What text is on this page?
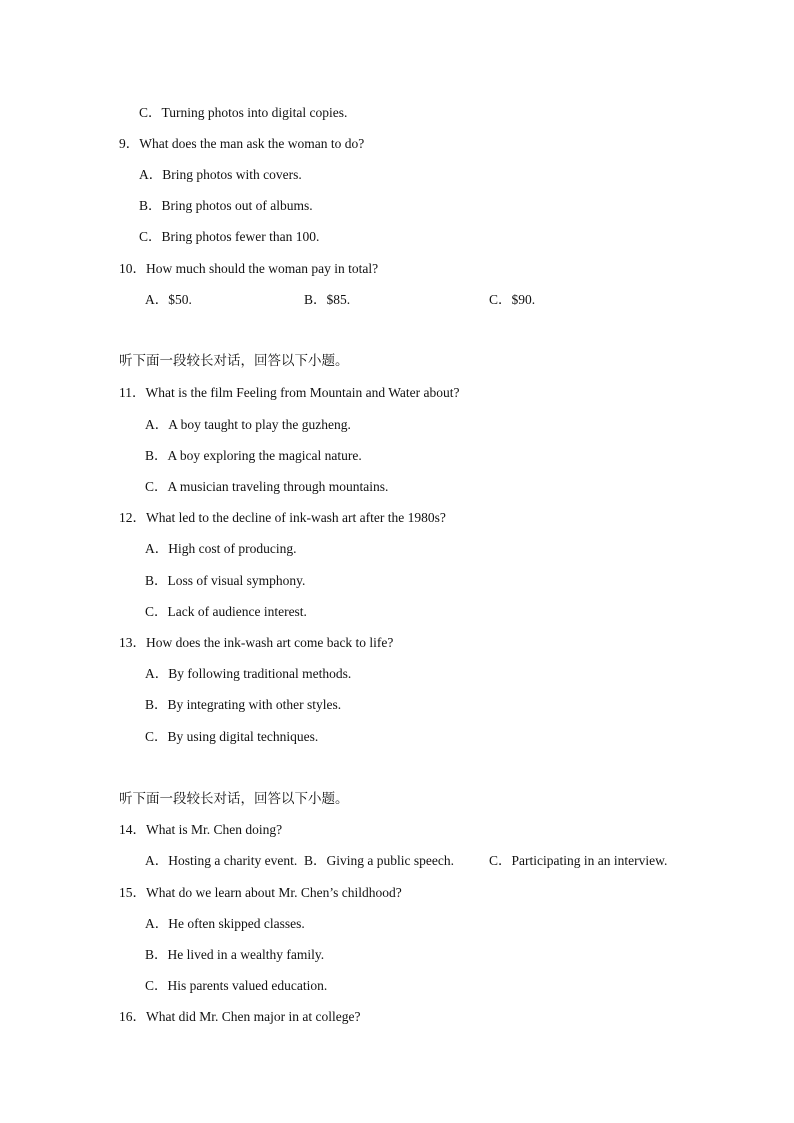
C．Turning photos into digital copies.
9．What does the man ask the woman to do?
A．Bring photos with covers.
B．Bring photos out of albums.
C．Bring photos fewer than 100.
10．How much should the woman pay in total?
A．$50.	B．$85.	C．$90.
听下面一段较长对话，回答以下小题。
11．What is the film Feeling from Mountain and Water about?
A．A boy taught to play the guzheng.
B．A boy exploring the magical nature.
C．A musician traveling through mountains.
12．What led to the decline of ink-wash art after the 1980s?
A．High cost of producing.
B．Loss of visual symphony.
C．Lack of audience interest.
13．How does the ink-wash art come back to life?
A．By following traditional methods.
B．By integrating with other styles.
C．By using digital techniques.
听下面一段较长对话，回答以下小题。
14．What is Mr. Chen doing?
A．Hosting a charity event. B．Giving a public speech.	C．Participating in an interview.
15．What do we learn about Mr. Chen’s childhood?
A．He often skipped classes.
B．He lived in a wealthy family.
C．His parents valued education.
16．What did Mr. Chen major in at college?
